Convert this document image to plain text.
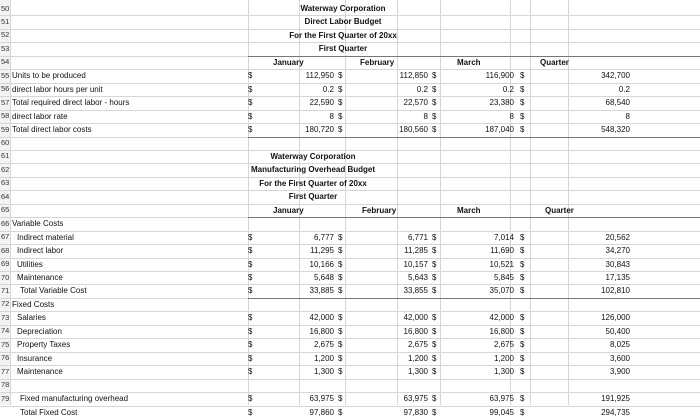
50
51
52
53
54
55
56
57
58
59
60
61
62
63
64
65
66
67
68
69
70
71
72
73
74
75
76
77
78
79
Waterway Corporation
Direct Labor Budget
For the First Quarter of 20xx
First Quarter
January	February	March	Quarter
Units to be produced	$	112,950 $	112,850 $	116,900 $	342,700
direct labor hours per unit	$	0.2 $	0.2 $	0.2 $	0.2
Total required direct labor - hours	$	22,590 $	22,570 $	23,380 $	68,540
direct labor rate	$	8 $	8 $	8 $	8
Total direct labor costs	$	180,720 $	180,560 $	187,040 $	548,320
Waterway Corporation
Manufacturing Overhead Budget
For the First Quarter of 20xx
First Quarter
January	February	March	Quarter
Variable Costs
Indirect material	$	6,777 $	6,771 $	7,014 $	20,562
Indirect labor	$	11,295 $	11,285 $	11,690 $	34,270
Utilities	$	10,166 $	10,157 $	10,521 $	30,843
Maintenance	$	5,648 $	5,643 $	5,845 $	17,135
Total Variable Cost	$	33,885 $	33,855 $	35,070 $	102,810
Fixed Costs
Salaries	$	42,000 $	42,000 $	42,000 $	126,000
Depreciation	$	16,800 $	16,800 $	16,800 $	50,400
Property Taxes	$	2,675 $	2,675 $	2,675 $	8,025
Insurance	$	1,200 $	1,200 $	1,200 $	3,600
Maintenance	$	1,300 $	1,300 $	1,300 $	3,900
Fixed manufacturing overhead	$	63,975 $	63,975 $	63,975 $	191,925
Total Fixed Cost	$	97,860 $	97,830 $	99,045 $	294,735
